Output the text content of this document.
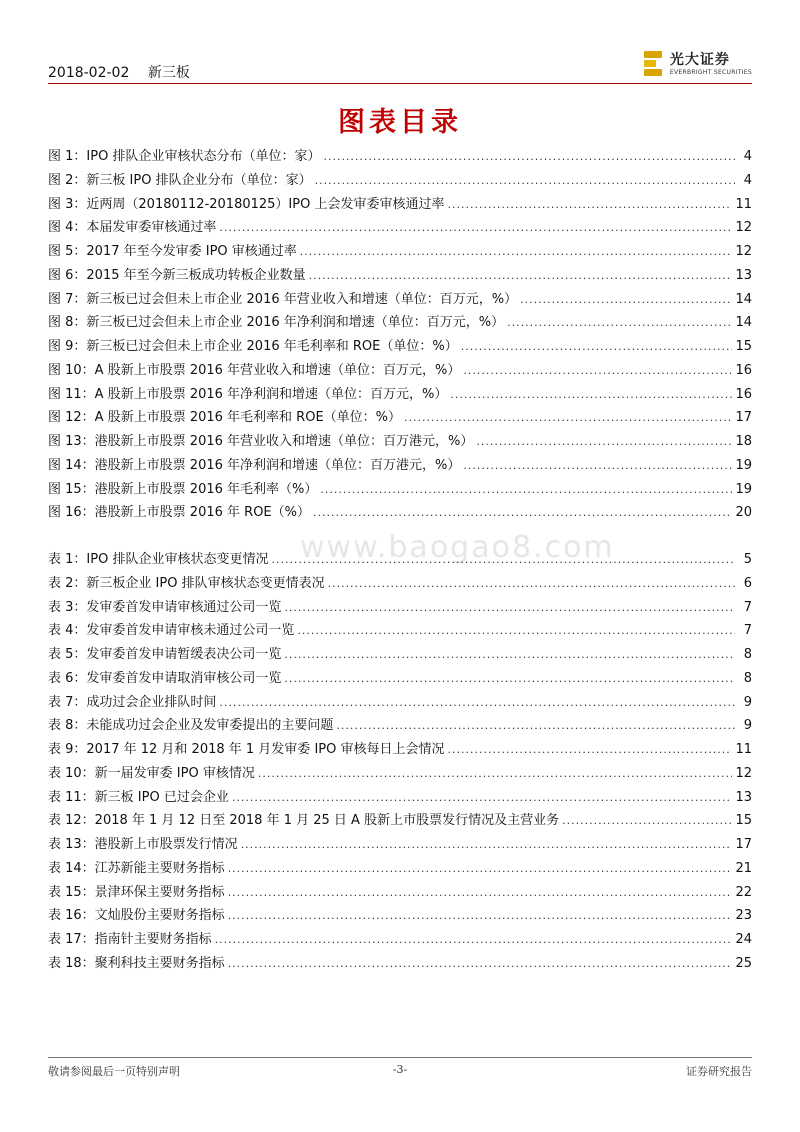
2018-02-02 新三板
光大证券
EVERBRIGHT SECURITIES
图表目录
www.baogao8.com
图 1：IPO 排队企业审核状态分布（单位：家） .....	4
图 2：新三板 IPO 排队企业分布（单位：家） .....	4
图 3：近两周（20180112-20180125）IPO 上会发审委审核通过率 .....	11
图 4：本届发审委审核通过率 .....	12
图 5：2017 年至今发审委 IPO 审核通过率 .....	12
图 6：2015 年至今新三板成功转板企业数量 .....	13
图 7：新三板已过会但未上市企业 2016 年营业收入和增速（单位：百万元，%） .....	14
图 8：新三板已过会但未上市企业 2016 年净利润和增速（单位：百万元，%） .....	14
图 9：新三板已过会但未上市企业 2016 年毛利率和 ROE（单位：%） .....	15
图 10：A 股新上市股票 2016 年营业收入和增速（单位：百万元，%） .....	16
图 11：A 股新上市股票 2016 年净利润和增速（单位：百万元，%） .....	16
图 12：A 股新上市股票 2016 年毛利率和 ROE（单位：%） .....	17
图 13：港股新上市股票 2016 年营业收入和增速（单位：百万港元，%） .....	18
图 14：港股新上市股票 2016 年净利润和增速（单位：百万港元，%） .....	19
图 15：港股新上市股票 2016 年毛利率（%） .....	19
图 16：港股新上市股票 2016 年 ROE（%） .....	20
表 1：IPO 排队企业审核状态变更情况 .....	5
表 2：新三板企业 IPO 排队审核状态变更情表况 .....	6
表 3：发审委首发申请审核通过公司一览 .....	7
表 4：发审委首发申请审核未通过公司一览 .....	7
表 5：发审委首发申请暂缓表决公司一览 .....	8
表 6：发审委首发申请取消审核公司一览 .....	8
表 7：成功过会企业排队时间 .....	9
表 8：未能成功过会企业及发审委提出的主要问题 .....	9
表 9：2017 年 12 月和 2018 年 1 月发审委 IPO 审核每日上会情况 .....	11
表 10：新一届发审委 IPO 审核情况 .....	12
表 11：新三板 IPO 已过会企业 .....	13
表 12：2018 年 1 月 12 日至 2018 年 1 月 25 日 A 股新上市股票发行情况及主营业务 .....	15
表 13：港股新上市股票发行情况 .....	17
表 14：江苏新能主要财务指标 .....	21
表 15：景津环保主要财务指标 .....	22
表 16：文灿股份主要财务指标 .....	23
表 17：指南针主要财务指标 .....	24
表 18：聚利科技主要财务指标 .....	25
敬请参阅最后一页特别声明	-3-	证券研究报告
